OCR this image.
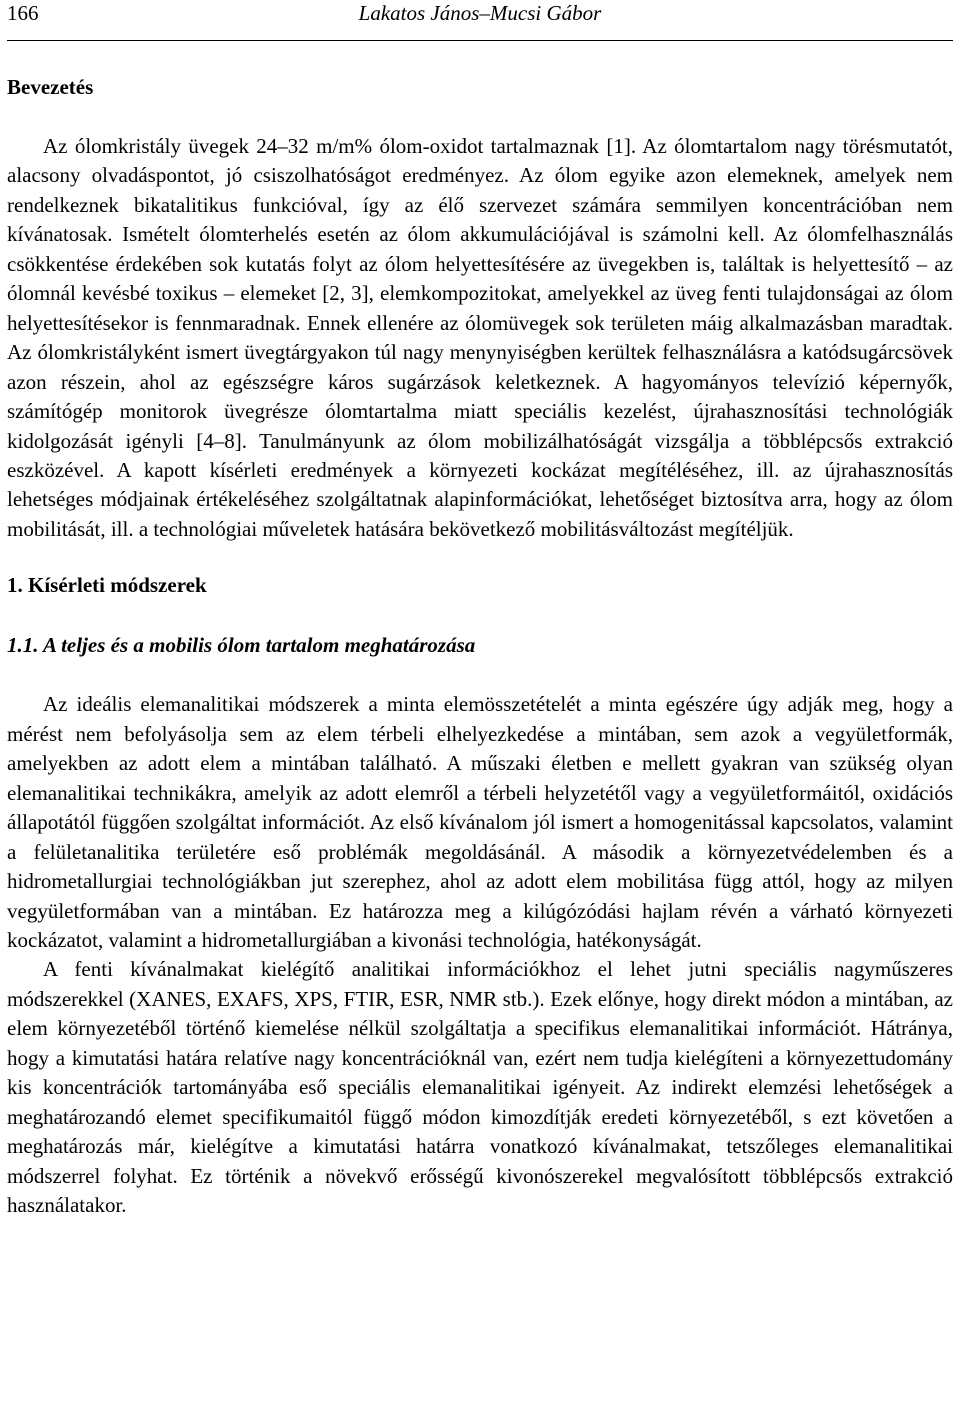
166	Lakatos János–Mucsi Gábor
Bevezetés

Az ólomkristály üvegek 24–32 m/m% ólom-oxidot tartalmaznak [1]. Az ólomtartalom nagy törésmutatót, alacsony olvadáspontot, jó csiszolhatóságot eredményez. Az ólom egyike azon elemeknek, amelyek nem rendelkeznek bikatalitikus funkcióval, így az élő szervezet számára semmilyen koncentrációban nem kívánatosak. Ismételt ólomterhelés esetén az ólom akkumulációjával is számolni kell. Az ólomfelhasználás csökkentése érdekében sok kutatás folyt az ólom helyettesítésére az üvegekben is, találtak is helyettesítő – az ólomnál kevésbé toxikus – elemeket [2, 3], elemkompozitokat, amelyekkel az üveg fenti tulajdonságai az ólom helyettesítésekor is fennmaradnak. Ennek ellenére az ólomüvegek sok területen máig alkalmazásban maradtak. Az ólomkristályként ismert üvegtárgyakon túl nagy menynyiségben kerültek felhasználásra a katódsugárcsövek azon részein, ahol az egészségre káros sugárzások keletkeznek. A hagyományos televízió képernyők, számítógép monitorok üvegrésze ólomtartalma miatt speciális kezelést, újrahasznosítási technológiák kidolgozását igényli [4–8]. Tanulmányunk az ólom mobilizálhatóságát vizsgálja a többlépcsős extrakció eszközével. A kapott kísérleti eredmények a környezeti kockázat megítéléséhez, ill. az újrahasznosítás lehetséges módjainak értékeléséhez szolgáltatnak alapinformációkat, lehetőséget biztosítva arra, hogy az ólom mobilitását, ill. a technológiai műveletek hatására bekövetkező mobilitásváltozást megítéljük.

1. Kísérleti módszerek
1.1. A teljes és a mobilis ólom tartalom meghatározása

Az ideális elemanalitikai módszerek a minta elemösszetételét a minta egészére úgy adják meg, hogy a mérést nem befolyásolja sem az elem térbeli elhelyezkedése a mintában, sem azok a vegyületformák, amelyekben az adott elem a mintában található. A műszaki életben e mellett gyakran van szükség olyan elemanalitikai technikákra, amelyik az adott elemről a térbeli helyzetétől vagy a vegyületformáitól, oxidációs állapotától függően szolgáltat információt. Az első kívánalom jól ismert a homogenitással kapcsolatos, valamint a felületanalitika területére eső problémák megoldásánál. A második a környezetvédelemben és a hidrometallurgiai technológiákban jut szerephez, ahol az adott elem mobilitása függ attól, hogy az milyen vegyületformában van a mintában. Ez határozza meg a kilúgózódási hajlam révén a várható környezeti kockázatot, valamint a hidrometallurgiában a kivonási technológia, hatékonyságát.

A fenti kívánalmakat kielégítő analitikai információkhoz el lehet jutni speciális nagyműszeres módszerekkel (XANES, EXAFS, XPS, FTIR, ESR, NMR stb.). Ezek előnye, hogy direkt módon a mintában, az elem környezetéből történő kiemelése nélkül szolgáltatja a specifikus elemanalitikai információt. Hátránya, hogy a kimutatási határa relatíve nagy koncentrációknál van, ezért nem tudja kielégíteni a környezettudomány kis koncentrációk tartományába eső speciális elemanalitikai igényeit. Az indirekt elemzési lehetőségek a meghatározandó elemet specifikumaitól függő módon kimozdítják eredeti környezetéből, s ezt követően a meghatározás már, kielégítve a kimutatási határra vonatkozó kívánalmakat, tetszőleges elemanalitikai módszerrel folyhat. Ez történik a növekvő erősségű kivonószerekel megvalósított többlépcsős extrakció használatakor.
